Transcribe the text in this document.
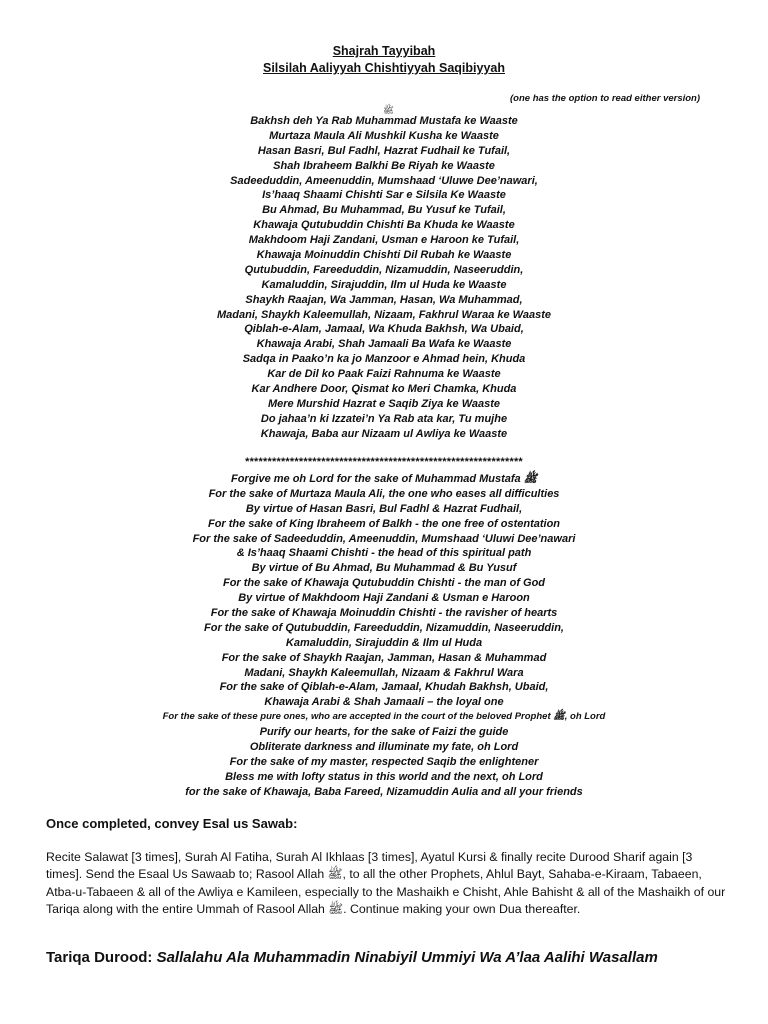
Shajrah Tayyibah
Silsilah Aaliyyah Chishtiyyah Saqibiyyah
(one has the option to read either version)
ﷺ
Bakhsh deh Ya Rab Muhammad Mustafa ke Waaste
Murtaza Maula Ali Mushkil Kusha ke Waaste
Hasan Basri, Bul Fadhl, Hazrat Fudhail ke Tufail,
Shah Ibraheem Balkhi Be Riyah ke Waaste
Sadeeduddin, Ameenuddin, Mumshaad ‘Uluwe Dee’nawari,
Is’haaq Shaami Chishti Sar e Silsila Ke Waaste
Bu Ahmad, Bu Muhammad, Bu Yusuf ke Tufail,
Khawaja Qutubuddin Chishti Ba Khuda ke Waaste
Makhdoom Haji Zandani, Usman e Haroon ke Tufail,
Khawaja Moinuddin Chishti Dil Rubah ke Waaste
Qutubuddin, Fareeduddin, Nizamuddin, Naseeruddin,
Kamaluddin, Sirajuddin, Ilm ul Huda ke Waaste
Shaykh Raajan, Wa Jamman, Hasan, Wa Muhammad,
Madani, Shaykh Kaleemullah, Nizaam, Fakhrul Waraa ke Waaste
Qiblah-e-Alam, Jamaal, Wa Khuda Bakhsh, Wa Ubaid,
Khawaja Arabi, Shah Jamaali Ba Wafa ke Waaste
Sadqa in Paako’n ka jo Manzoor e Ahmad hein, Khuda
Kar de Dil ko Paak Faizi Rahnuma ke Waaste
Kar Andhere Door, Qismat ko Meri Chamka, Khuda
Mere Murshid Hazrat e Saqib Ziya ke Waaste
Do jahaa’n ki Izzatei’n Ya Rab ata kar, Tu mujhe
Khawaja, Baba aur Nizaam ul Awliya ke Waaste
**************************************************************
Forgive me oh Lord for the sake of Muhammad Mustafa ﷺ
For the sake of Murtaza Maula Ali, the one who eases all difficulties
By virtue of Hasan Basri, Bul Fadhl & Hazrat Fudhail,
For the sake of King Ibraheem of Balkh - the one free of ostentation
For the sake of Sadeeduddin, Ameenuddin, Mumshaad ‘Uluwi Dee’nawari
& Is’haaq Shaami Chishti - the head of this spiritual path
By virtue of Bu Ahmad, Bu Muhammad & Bu Yusuf
For the sake of Khawaja Qutubuddin Chishti - the man of God
By virtue of Makhdoom Haji Zandani & Usman e Haroon
For the sake of Khawaja Moinuddin Chishti - the ravisher of hearts
For the sake of Qutubuddin, Fareeduddin, Nizamuddin, Naseeruddin,
Kamaluddin, Sirajuddin & Ilm ul Huda
For the sake of Shaykh Raajan, Jamman, Hasan & Muhammad
Madani, Shaykh Kaleemullah, Nizaam & Fakhrul Wara
For the sake of Qiblah-e-Alam, Jamaal, Khudah Bakhsh, Ubaid,
Khawaja Arabi & Shah Jamaali – the loyal one
For the sake of these pure ones, who are accepted in the court of the beloved Prophet ﷺ, oh Lord
Purify our hearts, for the sake of Faizi the guide
Obliterate darkness and illuminate my fate, oh Lord
For the sake of my master, respected Saqib the enlightener
Bless me with lofty status in this world and the next, oh Lord
for the sake of Khawaja, Baba Fareed, Nizamuddin Aulia and all your friends
Once completed, convey Esal us Sawab:
Recite Salawat [3 times], Surah Al Fatiha, Surah Al Ikhlaas [3 times], Ayatul Kursi & finally recite Durood Sharif again [3 times]. Send the Esaal Us Sawaab to; Rasool Allah ﷺ, to all the other Prophets, Ahlul Bayt, Sahaba-e-Kiraam, Tabaeen, Atba-u-Tabaeen & all of the Awliya e Kamileen, especially to the Mashaikh e Chisht, Ahle Bahisht & all of the Mashaikh of our Tariqa along with the entire Ummah of Rasool Allah ﷺ. Continue making your own Dua thereafter.
Tariqa Durood: Sallalahu Ala Muhammadin Ninabiyil Ummiyi Wa A’laa Aalihi Wasallam
